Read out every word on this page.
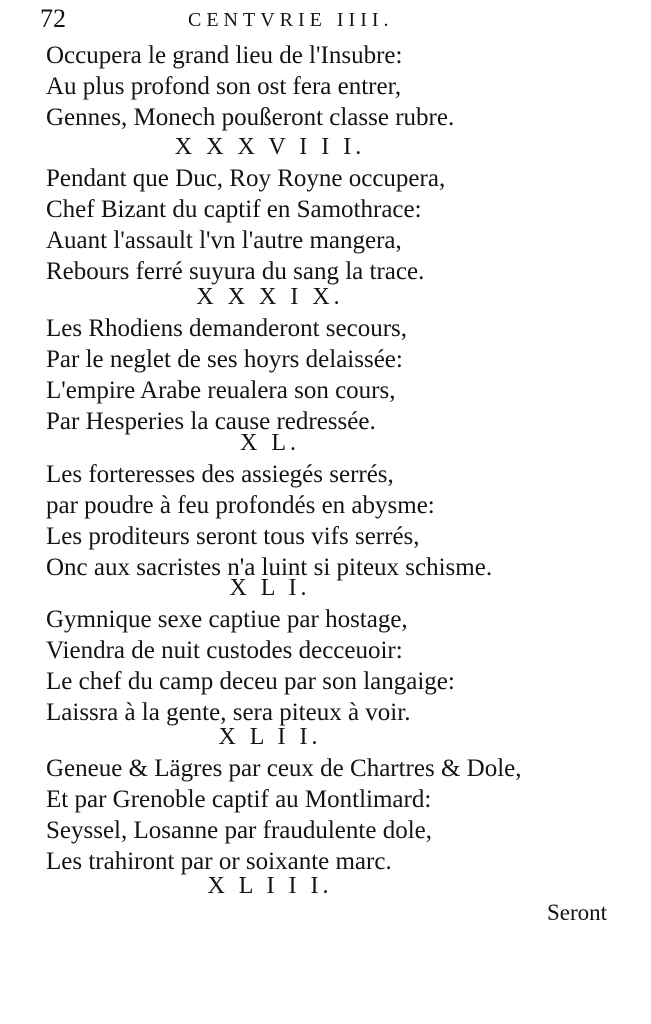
72	CENTVRIE IIII.
Occupera le grand lieu de l'Insubre:
Au plus profond son ost fera entrer,
Gennes, Monech poußeront classe rubre.
X X X V I I I.
Pendant que Duc, Roy Royne occupera,
Chef Bizant du captif en Samothrace:
Auant l'assault l'vn l'autre mangera,
Rebours ferré suyura du sang la trace.
X X X I X.
Les Rhodiens demanderont secours,
Par le neglet de ses hoyrs delaissée:
L'empire Arabe reualera son cours,
Par Hesperies la cause redressée.
X L.
Les forteresses des assiegés serrés,
par poudre à feu profondés en abysme:
Les proditeurs seront tous vifs serrés,
Onc aux sacristes n'a luint si piteux schisme.
X L I.
Gymnique sexe captiue par hostage,
Viendra de nuit custodes decceuoir:
Le chef du camp deceu par son langaige:
Laissra à la gente, sera piteux à voir.
X L I I.
Geneue & Lägres par ceux de Chartres & Dole,
Et par Grenoble captif au Montlimard:
Seyssel, Losanne par fraudulente dole,
Les trahiront par or soixante marc.
X L I I I.
Seront
